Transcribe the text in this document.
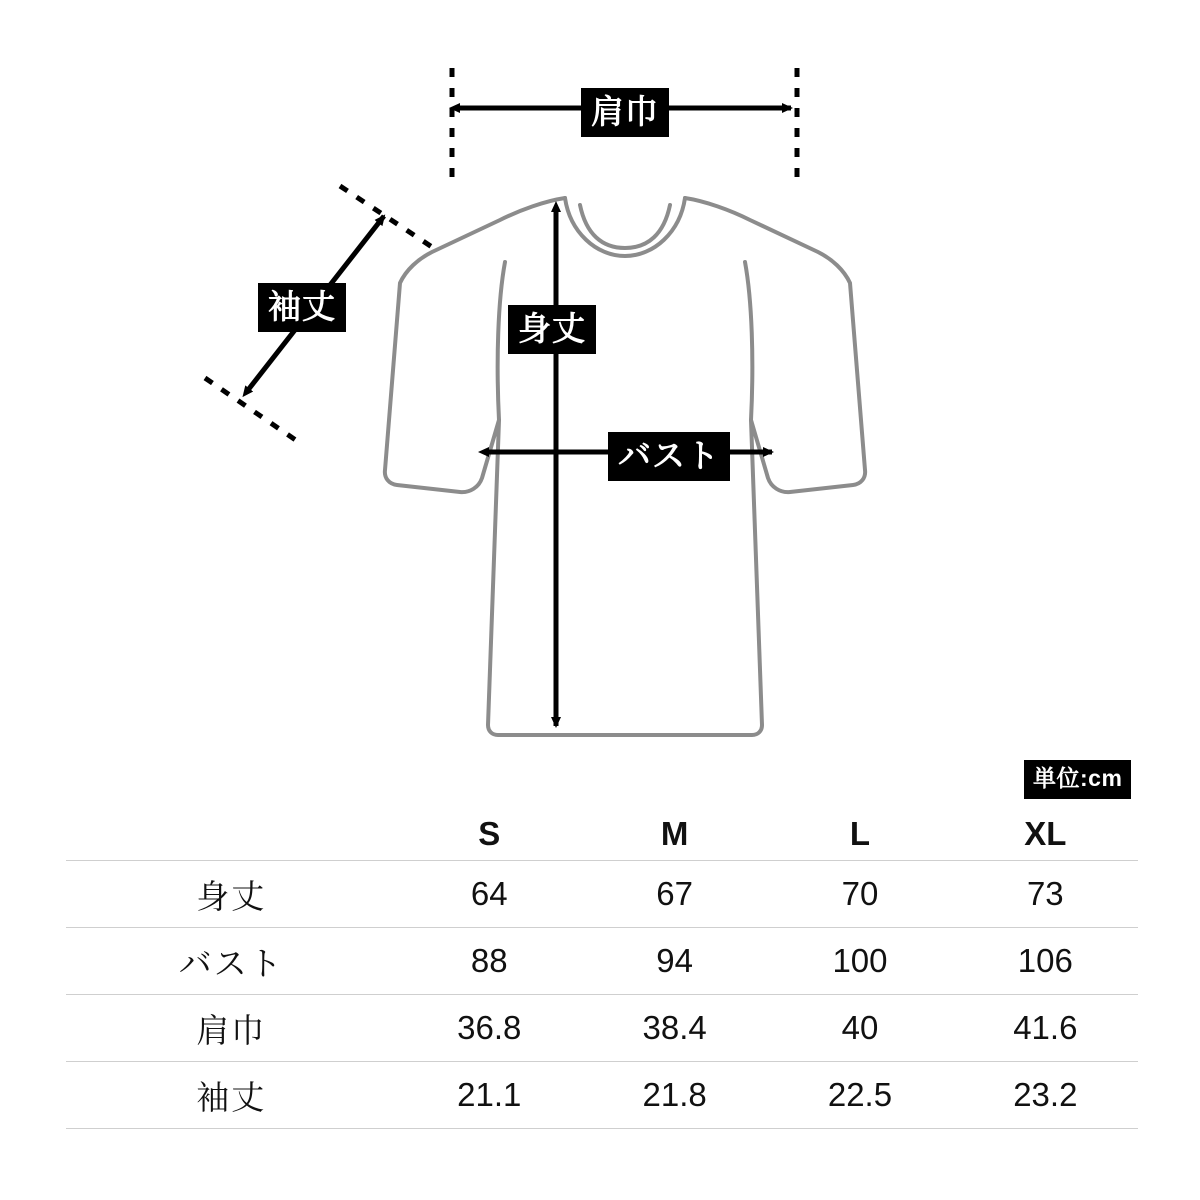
肩巾
袖丈
身丈
バスト
単位:cm
	S	M	L	XL
身丈	64	67	70	73
バスト	88	94	100	106
肩巾	36.8	38.4	40	41.6
袖丈	21.1	21.8	22.5	23.2
